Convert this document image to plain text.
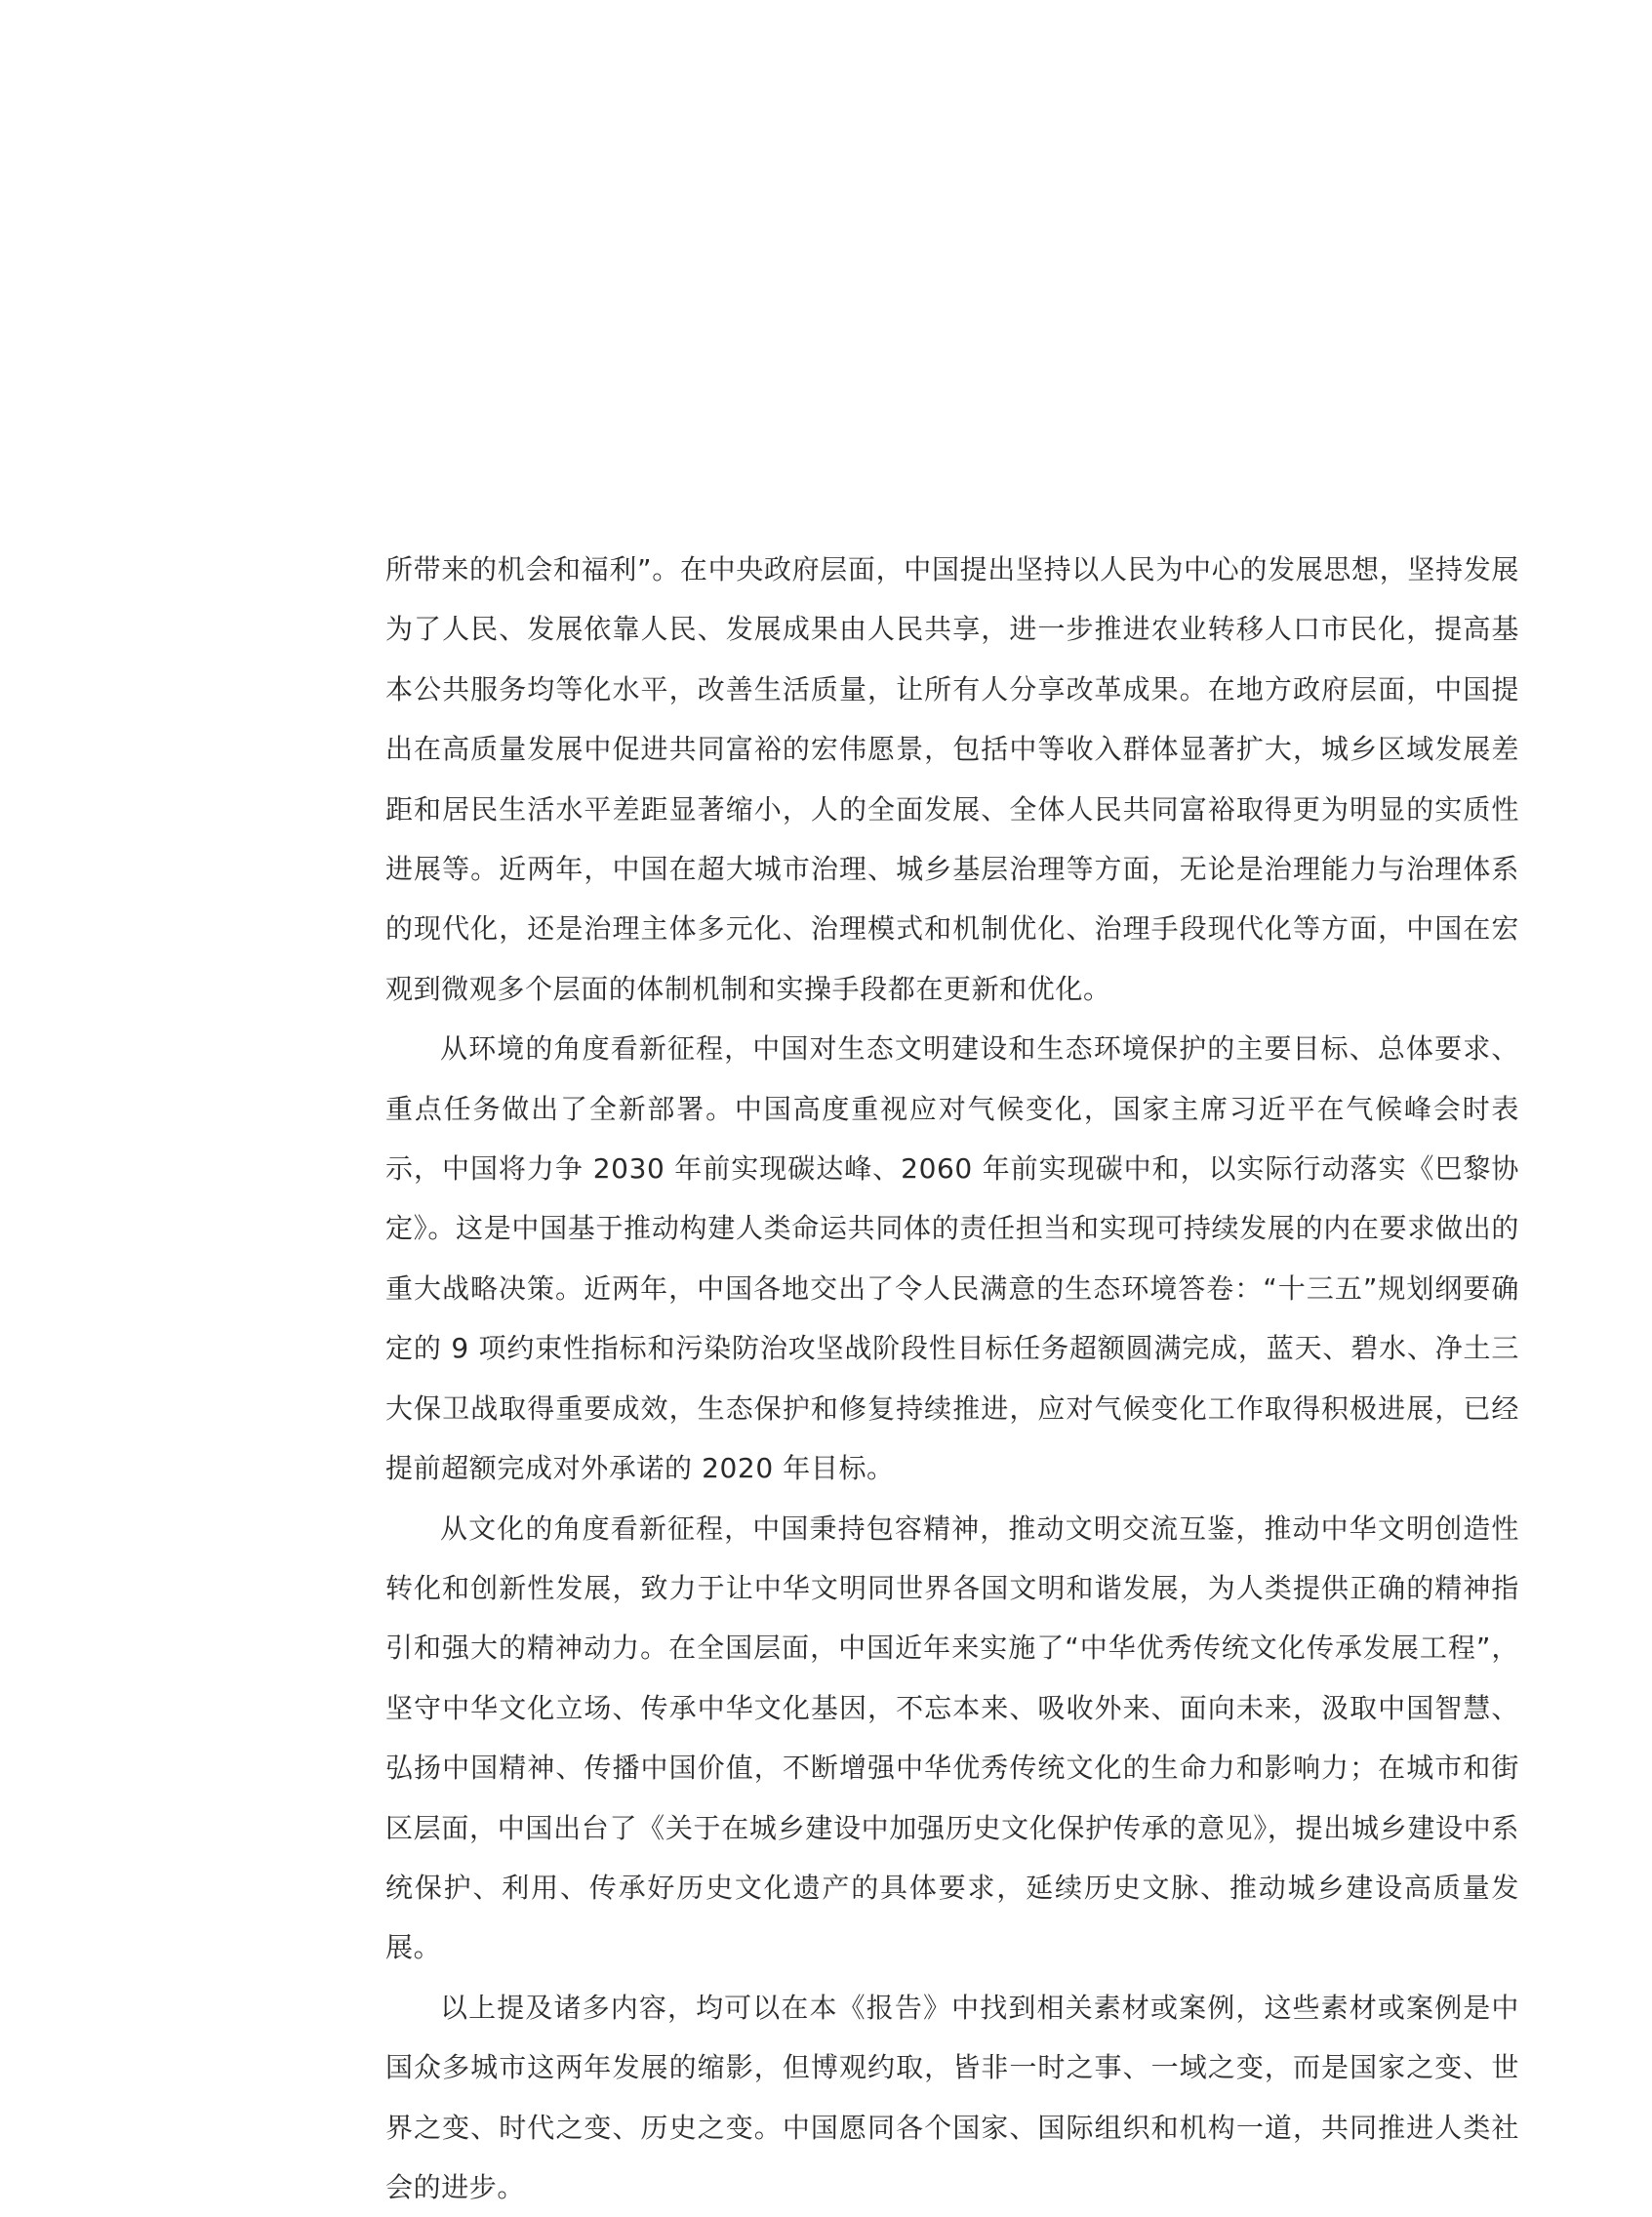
所带来的机会和福利”。在中央政府层面，中国提出坚持以人民为中心的发展思想，坚持发展为了人民、发展依靠人民、发展成果由人民共享，进一步推进农业转移人口市民化，提高基本公共服务均等化水平，改善生活质量，让所有人分享改革成果。在地方政府层面，中国提出在高质量发展中促进共同富裕的宏伟愿景，包括中等收入群体显著扩大，城乡区域发展差距和居民生活水平差距显著缩小，人的全面发展、全体人民共同富裕取得更为明显的实质性进展等。近两年，中国在超大城市治理、城乡基层治理等方面，无论是治理能力与治理体系的现代化，还是治理主体多元化、治理模式和机制优化、治理手段现代化等方面，中国在宏观到微观多个层面的体制机制和实操手段都在更新和优化。

从环境的角度看新征程，中国对生态文明建设和生态环境保护的主要目标、总体要求、重点任务做出了全新部署。中国高度重视应对气候变化，国家主席习近平在气候峰会时表示，中国将力争 2030 年前实现碳达峰、2060 年前实现碳中和，以实际行动落实《巴黎协定》。这是中国基于推动构建人类命运共同体的责任担当和实现可持续发展的内在要求做出的重大战略决策。近两年，中国各地交出了令人民满意的生态环境答卷：“十三五”规划纲要确定的 9 项约束性指标和污染防治攻坚战阶段性目标任务超额圆满完成，蓝天、碧水、净土三大保卫战取得重要成效，生态保护和修复持续推进，应对气候变化工作取得积极进展，已经提前超额完成对外承诺的 2020 年目标。

从文化的角度看新征程，中国秉持包容精神，推动文明交流互鉴，推动中华文明创造性转化和创新性发展，致力于让中华文明同世界各国文明和谐发展，为人类提供正确的精神指引和强大的精神动力。在全国层面，中国近年来实施了“中华优秀传统文化传承发展工程”，坚守中华文化立场、传承中华文化基因，不忘本来、吸收外来、面向未来，汲取中国智慧、弘扬中国精神、传播中国价值，不断增强中华优秀传统文化的生命力和影响力；在城市和街区层面，中国出台了《关于在城乡建设中加强历史文化保护传承的意见》，提出城乡建设中系统保护、利用、传承好历史文化遗产的具体要求，延续历史文脉、推动城乡建设高质量发展。

以上提及诸多内容，均可以在本《报告》中找到相关素材或案例，这些素材或案例是中国众多城市这两年发展的缩影，但博观约取，皆非一时之事、一域之变，而是国家之变、世界之变、时代之变、历史之变。中国愿同各个国家、国际组织和机构一道，共同推进人类社会的进步。
